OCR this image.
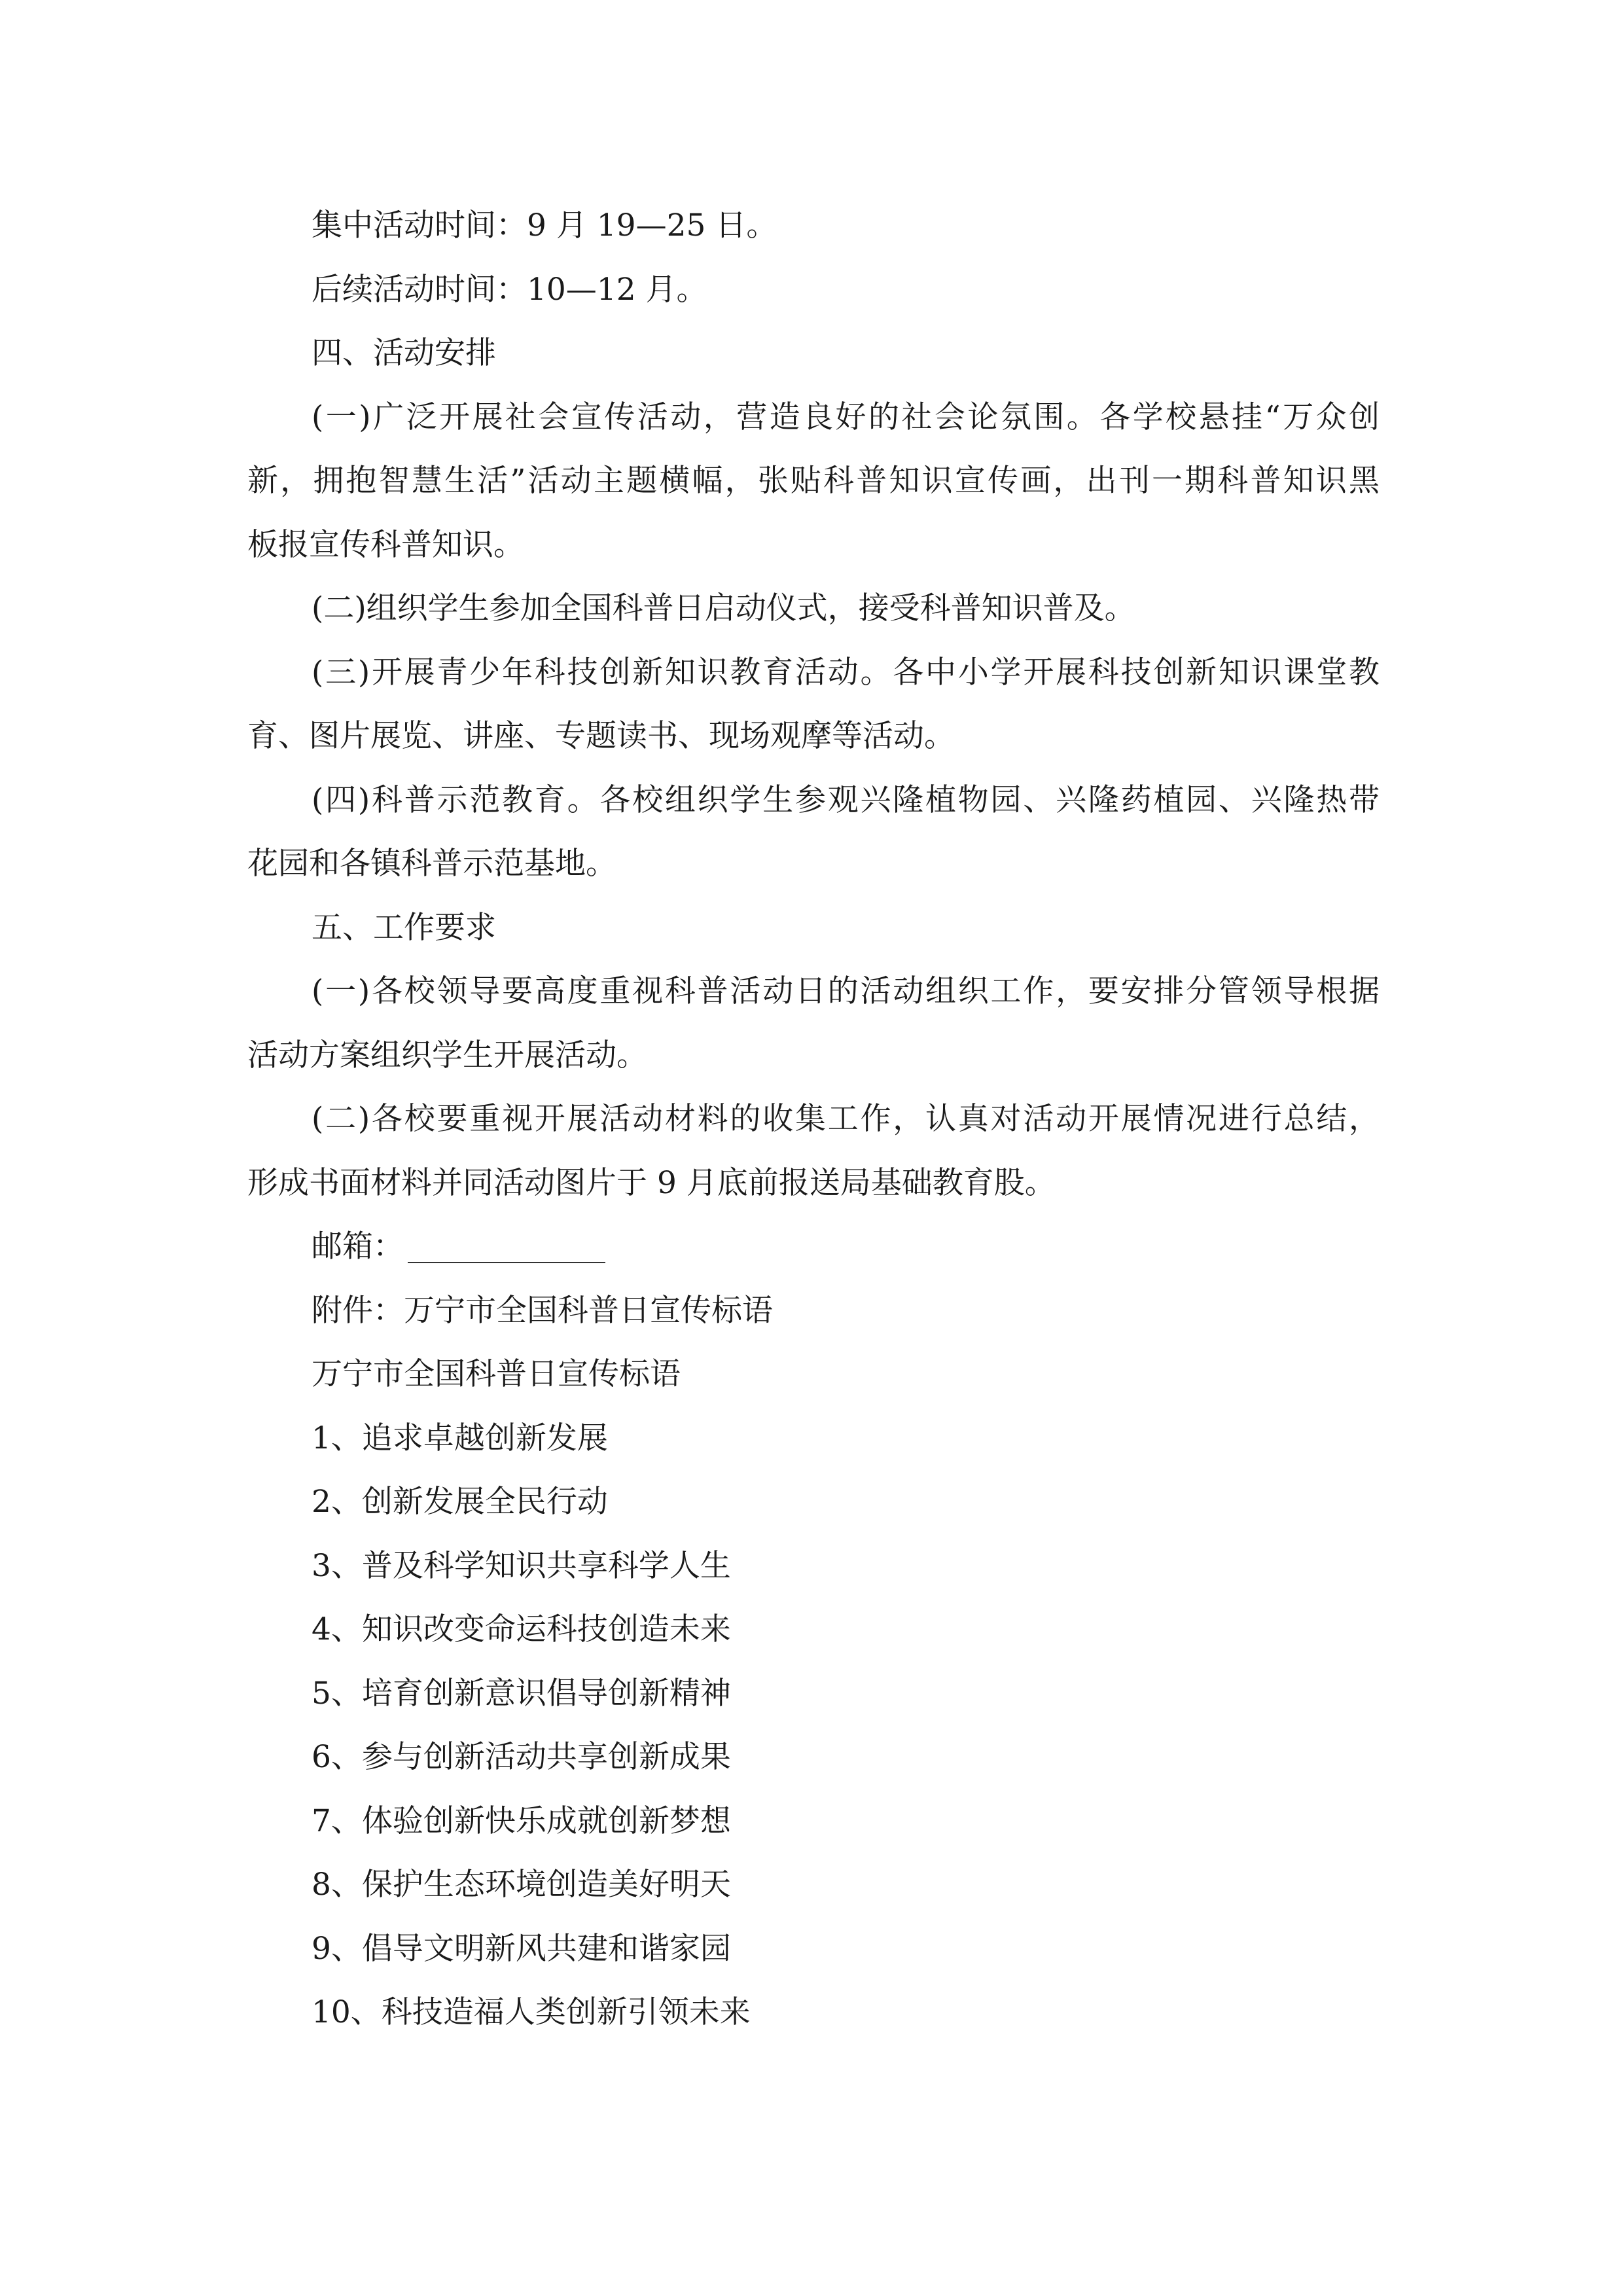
集中活动时间：9 月 19—25 日。

后续活动时间：10—12 月。

四、活动安排

(一)广泛开展社会宣传活动，营造良好的社会论氛围。各学校悬挂“万众创

新，拥抱智慧生活”活动主题横幅，张贴科普知识宣传画，出刊一期科普知识黑

板报宣传科普知识。

(二)组织学生参加全国科普日启动仪式，接受科普知识普及。

(三)开展青少年科技创新知识教育活动。各中小学开展科技创新知识课堂教

育、图片展览、讲座、专题读书、现场观摩等活动。

(四)科普示范教育。各校组织学生参观兴隆植物园、兴隆药植园、兴隆热带

花园和各镇科普示范基地。

五、工作要求

(一)各校领导要高度重视科普活动日的活动组织工作，要安排分管领导根据

活动方案组织学生开展活动。

(二)各校要重视开展活动材料的收集工作，认真对活动开展情况进行总结，

形成书面材料并同活动图片于 9 月底前报送局基础教育股。

邮箱：

附件：万宁市全国科普日宣传标语

万宁市全国科普日宣传标语

1、追求卓越创新发展

2、创新发展全民行动

3、普及科学知识共享科学人生

4、知识改变命运科技创造未来

5、培育创新意识倡导创新精神

6、参与创新活动共享创新成果

7、体验创新快乐成就创新梦想

8、保护生态环境创造美好明天

9、倡导文明新风共建和谐家园

10、科技造福人类创新引领未来
